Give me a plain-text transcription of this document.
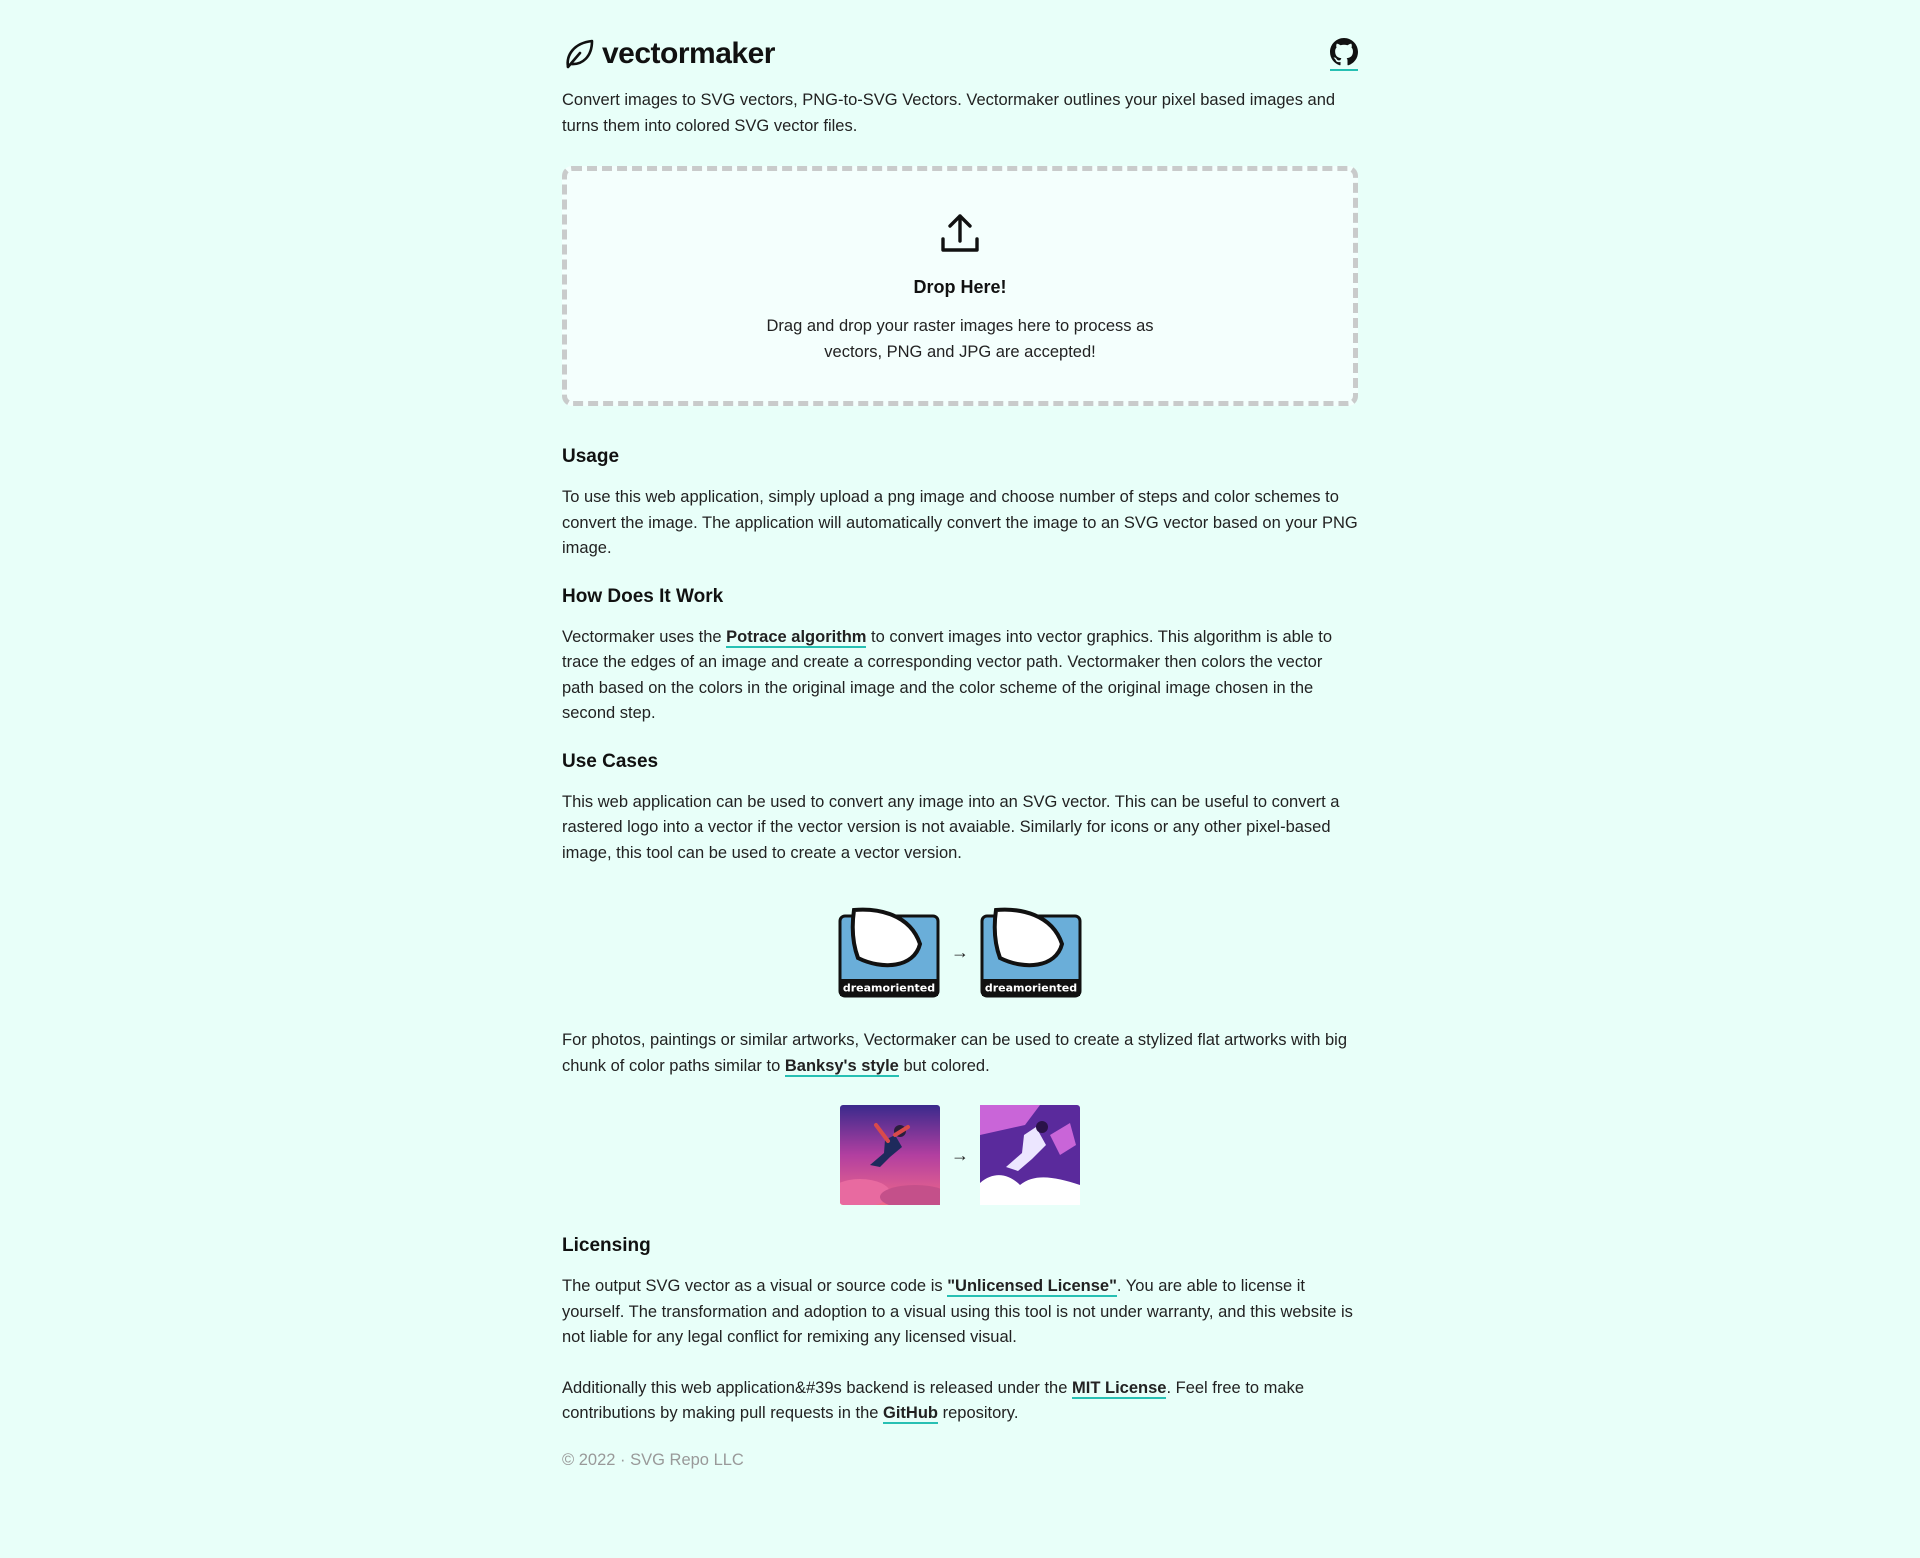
vectormaker

Convert images to SVG vectors, PNG-to-SVG Vectors. Vectormaker outlines your pixel based images and turns them into colored SVG vector files.

Drop Here!

Drag and drop your raster images here to process as vectors, PNG and JPG are accepted!

Usage

To use this web application, simply upload a png image and choose number of steps and color schemes to convert the image. The application will automatically convert the image to an SVG vector based on your PNG image.

How Does It Work

Vectormaker uses the Potrace algorithm to convert images into vector graphics. This algorithm is able to trace the edges of an image and create a corresponding vector path. Vectormaker then colors the vector path based on the colors in the original image and the color scheme of the original image chosen in the second step.

Use Cases

This web application can be used to convert any image into an SVG vector. This can be useful to convert a rastered logo into a vector if the vector version is not avaiable. Similarly for icons or any other pixel-based image, this tool can be used to create a vector version.

dreamoriented
→
dreamoriented

For photos, paintings or similar artworks, Vectormaker can be used to create a stylized flat artworks with big chunk of color paths similar to Banksy's style but colored.

→
Licensing

The output SVG vector as a visual or source code is "Unlicensed License". You are able to license it yourself. The transformation and adoption to a visual using this tool is not under warranty, and this website is not liable for any legal conflict for remixing any licensed visual.

Additionally this web application&#39s backend is released under the MIT License. Feel free to make contributions by making pull requests in the GitHub repository.

© 2022 · SVG Repo LLC
